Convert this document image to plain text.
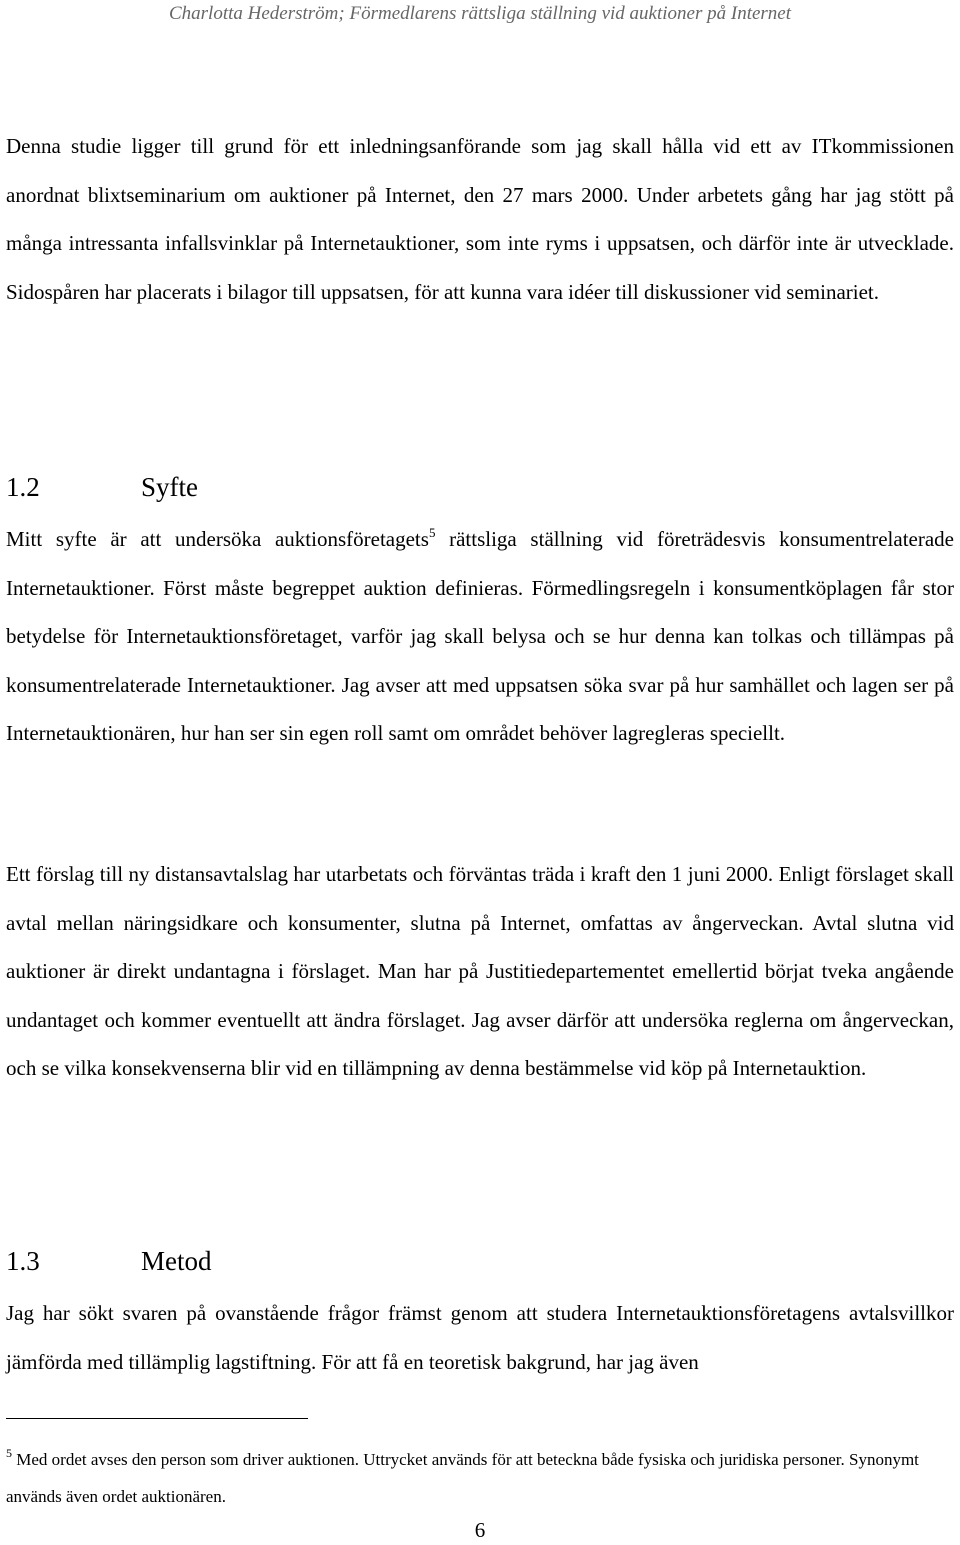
Charlotta Hederström; Förmedlarens rättsliga ställning vid auktioner på Internet

Denna studie ligger till grund för ett inledningsanförande som jag skall hålla vid ett av ITkommissionen anordnat blixtseminarium om auktioner på Internet, den 27 mars 2000. Under arbetets gång har jag stött på många intressanta infallsvinklar på Internetauktioner, som inte ryms i uppsatsen, och därför inte är utvecklade. Sidospåren har placerats i bilagor till uppsatsen, för att kunna vara idéer till diskussioner vid seminariet.

1.2	Syfte

Mitt syfte är att undersöka auktionsföretagets$^5$ rättsliga ställning vid företrädesvis konsumentrelaterade Internetauktioner. Först måste begreppet auktion definieras. Förmedlingsregeln i konsumentköplagen får stor betydelse för Internetauktionsföretaget, varför jag skall belysa och se hur denna kan tolkas och tillämpas på konsumentrelaterade Internetauktioner. Jag avser att med uppsatsen söka svar på hur samhället och lagen ser på Internetauktionären, hur han ser sin egen roll samt om området behöver lagregleras speciellt.

Ett förslag till ny distansavtalslag har utarbetats och förväntas träda i kraft den 1 juni 2000. Enligt förslaget skall avtal mellan näringsidkare och konsumenter, slutna på Internet, omfattas av ångerveckan. Avtal slutna vid auktioner är direkt undantagna i förslaget. Man har på Justitiedepartementet emellertid börjat tveka angående undantaget och kommer eventuellt att ändra förslaget. Jag avser därför att undersöka reglerna om ångerveckan, och se vilka konsekvenserna blir vid en tillämpning av denna bestämmelse vid köp på Internetauktion.

1.3	Metod

Jag har sökt svaren på ovanstående frågor främst genom att studera Internetauktionsföretagens avtalsvillkor jämförda med tillämplig lagstiftning. För att få en teoretisk bakgrund, har jag även

$^5$ Med ordet avses den person som driver auktionen. Uttrycket används för att beteckna både fysiska och juridiska personer. Synonymt används även ordet auktionären.

6
